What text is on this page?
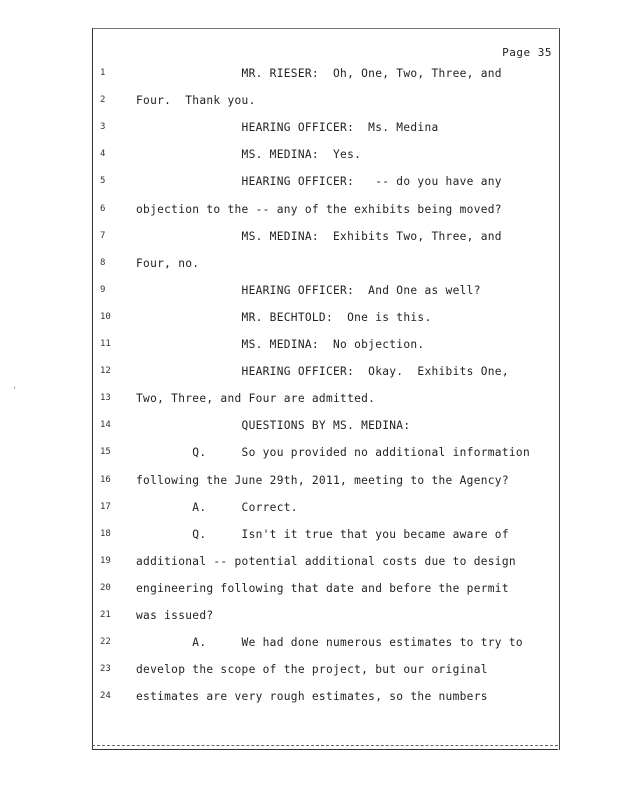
Page 35
1	MR. RIESER:  Oh, One, Two, Three, and
2	Four.  Thank you.
3	HEARING OFFICER:  Ms. Medina
4	MS. MEDINA:  Yes.
5	HEARING OFFICER:   -- do you have any
6	objection to the -- any of the exhibits being moved?
7	MS. MEDINA:  Exhibits Two, Three, and
8	Four, no.
9	HEARING OFFICER:  And One as well?
10	MR. BECHTOLD:  One is this.
11	MS. MEDINA:  No objection.
12	HEARING OFFICER:  Okay.  Exhibits One,
13	Two, Three, and Four are admitted.
14	QUESTIONS BY MS. MEDINA:
15	Q.     So you provided no additional information
16	following the June 29th, 2011, meeting to the Agency?
17	A.     Correct.
18	Q.     Isn't it true that you became aware of
19	additional -- potential additional costs due to design
20	engineering following that date and before the permit
21	was issued?
22	A.     We had done numerous estimates to try to
23	develop the scope of the project, but our original
24	estimates are very rough estimates, so the numbers
'
